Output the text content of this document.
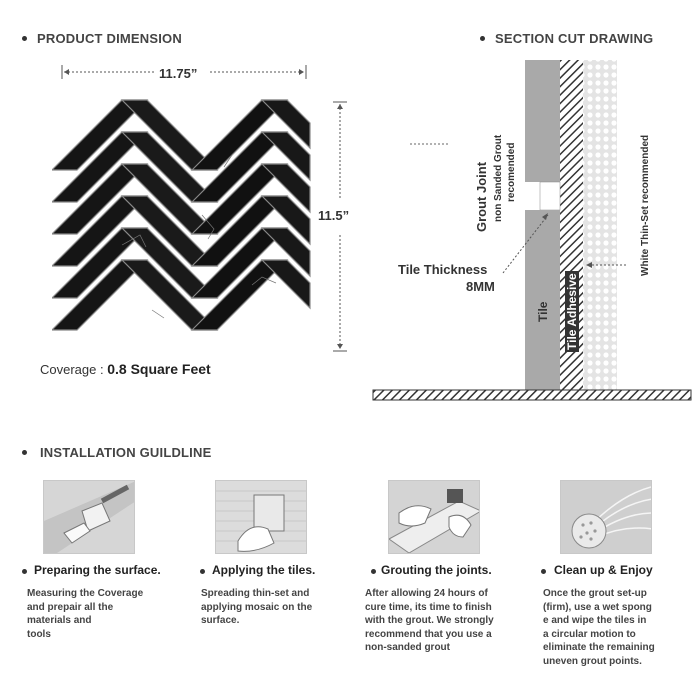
PRODUCT DIMENSION
11.75”
11.5”
Coverage : 0.8 Square Feet
SECTION CUT DRAWING
Grout Joint non Sanded Grout recomended
Tile Thickness
8MM
Tile Tile Adhesive
White Thin-Set recommended
INSTALLATION GUILDLINE
Preparing the surface.	Applying the tiles.	Grouting the joints.	Clean up & Enjoy
Measuring the Coverage
and prepair all the
materials and
tools
Spreading thin-set and
applying mosaic on the
surface.
After allowing 24 hours of
cure time, its time to finish
with the grout. We strongly
recommend that you use a
non-sanded grout
Once the grout set-up
(firm), use a wet spong
e and wipe the tiles in
a circular motion to
eliminate the remaining
uneven grout points.
